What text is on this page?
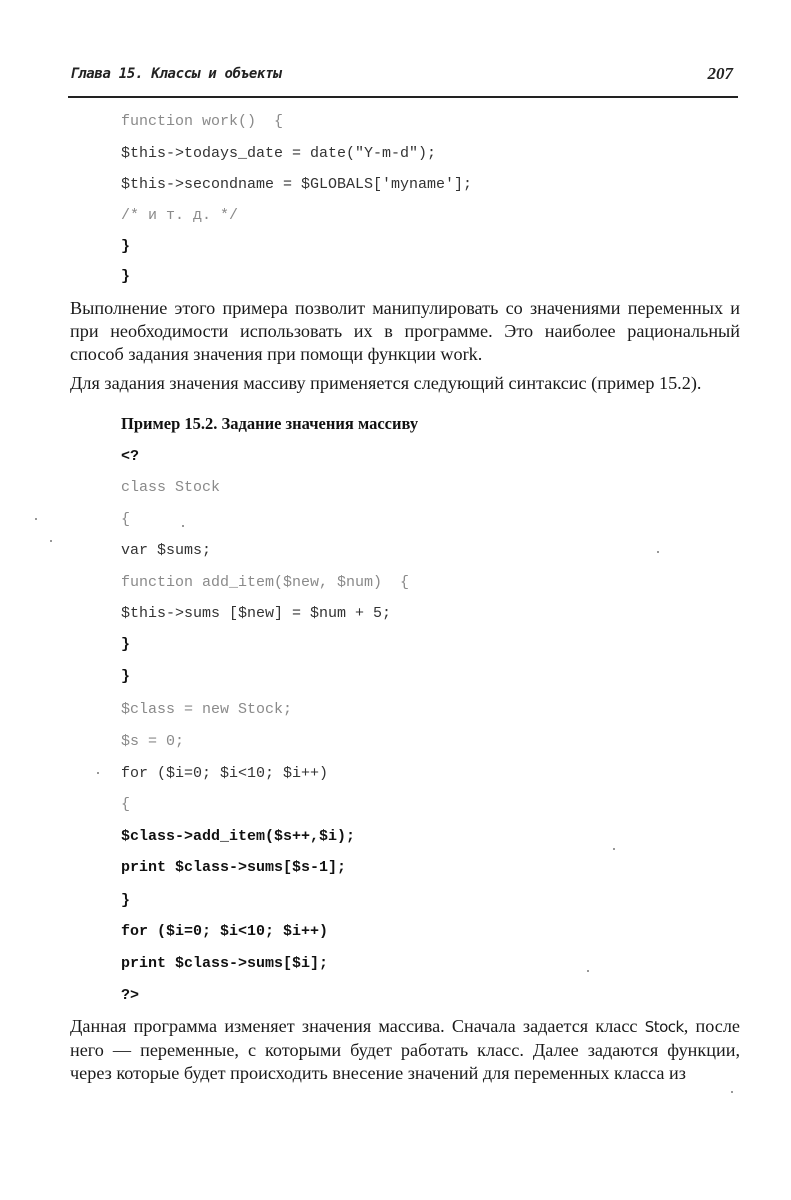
Глава 15. Классы и объекты	207
function work()  {
$this->todays_date = date("Y-m-d");
$this->secondname = $GLOBALS['myname'];
/* и т. д. */
}
}
Выполнение этого примера позволит манипулировать со значениями переменных и при необходимости использовать их в программе. Это наиболее рациональный способ задания значения при помощи функции work.
Для задания значения массиву применяется следующий синтаксис (пример 15.2).
Пример 15.2. Задание значения массиву
<?
class Stock
{
var $sums;
function add_item($new, $num)  {
$this->sums [$new] = $num + 5;
}
}
$class = new Stock;
$s = 0;
for ($i=0; $i<10; $i++)
{
$class->add_item($s++,$i);
print $class->sums[$s-1];
}
for ($i=0; $i<10; $i++)
print $class->sums[$i];
?>
Данная программа изменяет значения массива. Сначала задается класс Stock, после него — переменные, с которыми будет работать класс. Далее задаются функции, через которые будет происходить внесение значений для переменных класса из
